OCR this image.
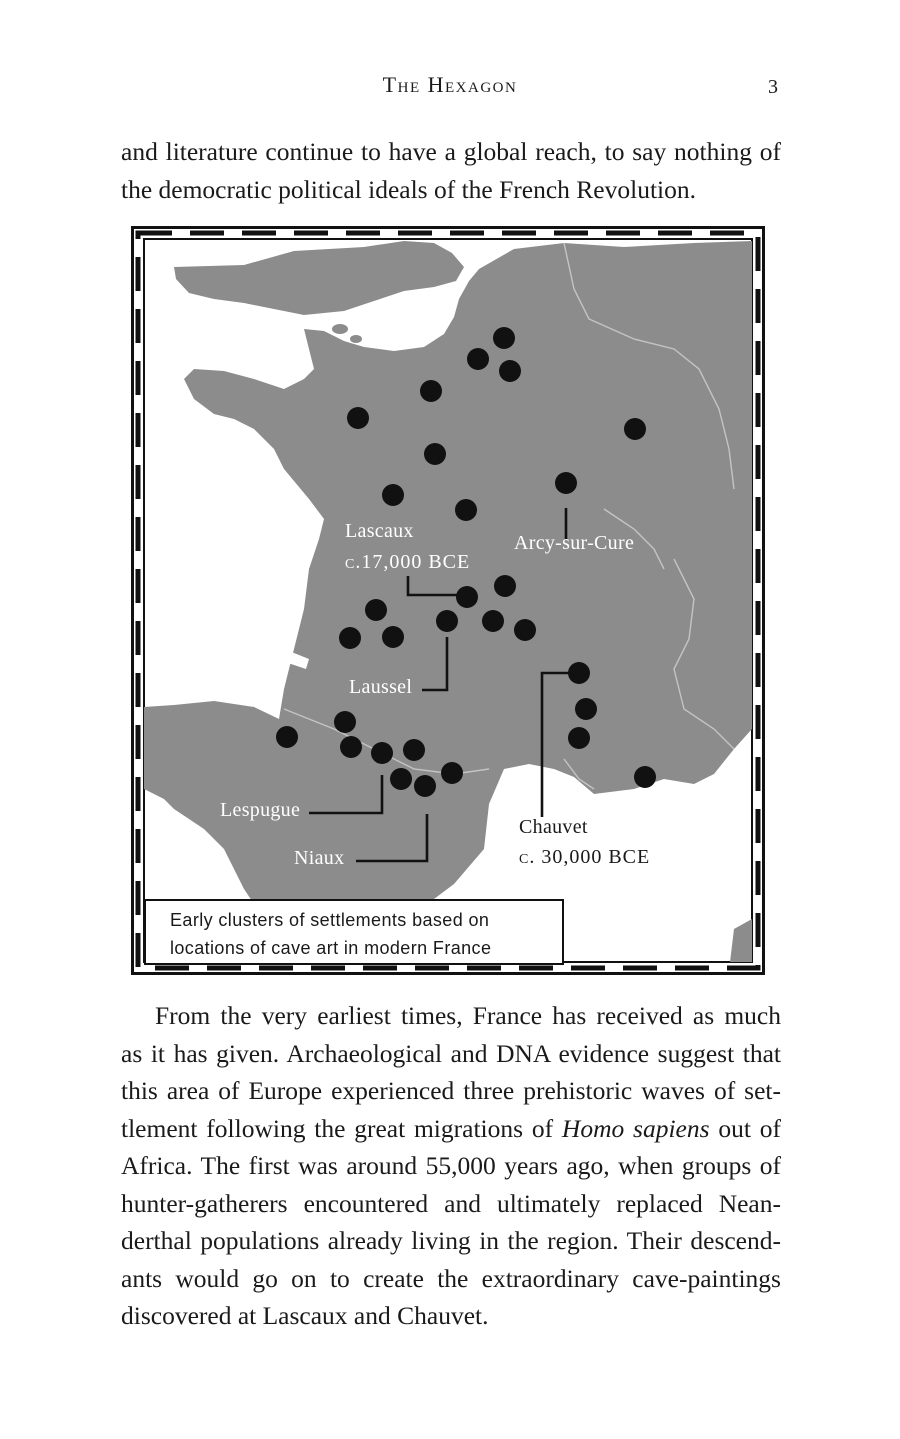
The Hexagon	3

and literature continue to have a global reach, to say nothing of
the democratic political ideals of the French Revolution.

Lascaux
c.17,000 BCE
Arcy-sur-Cure
Laussel
Lespugue
Niaux
Chauvet
c. 30,000 BCE
Early clusters of settlements based on
locations of cave art in modern France

From the very earliest times, France has received as much
as it has given. Archaeological and DNA evidence suggest that
this area of Europe experienced three prehistoric waves of set-
tlement following the great migrations of Homo sapiens out of
Africa. The first was around 55,000 years ago, when groups of
hunter-gatherers encountered and ultimately replaced Nean-
derthal populations already living in the region. Their descend-
ants would go on to create the extraordinary cave-paintings
discovered at Lascaux and Chauvet.
